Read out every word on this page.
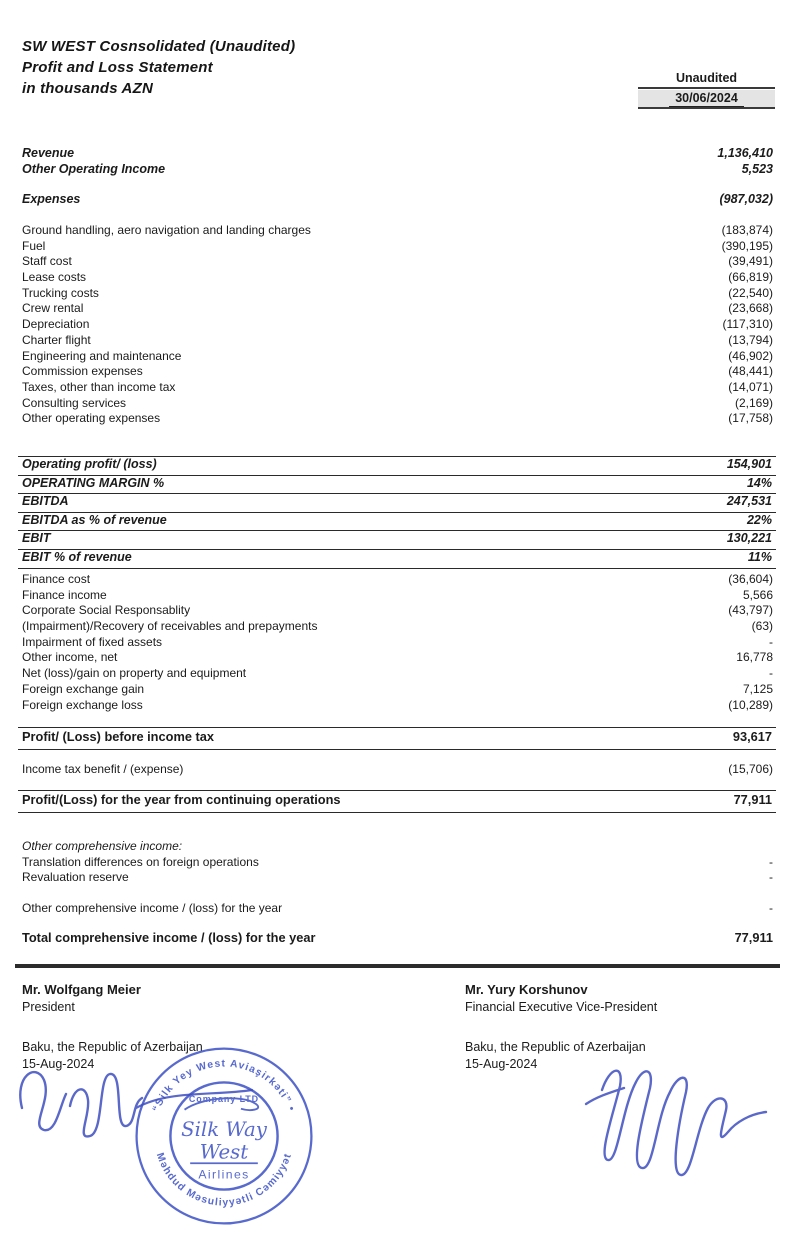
SW WEST Cosnsolidated (Unaudited)
Profit and Loss Statement
in thousands AZN
Unaudited
30/06/2024
Revenue	1,136,410
Other Operating Income	5,523
Expenses	(987,032)
Ground handling, aero navigation and landing charges	(183,874)
Fuel	(390,195)
Staff cost	(39,491)
Lease costs	(66,819)
Trucking costs	(22,540)
Crew rental	(23,668)
Depreciation	(117,310)
Charter flight	(13,794)
Engineering and maintenance	(46,902)
Commission expenses	(48,441)
Taxes, other than income tax	(14,071)
Consulting services	(2,169)
Other operating expenses	(17,758)
Operating profit/ (loss)	154,901
OPERATING MARGIN %	14%
EBITDA	247,531
EBITDA as % of revenue	22%
EBIT	130,221
EBIT % of revenue	11%
Finance cost	(36,604)
Finance income	5,566
Corporate Social Responsablity	(43,797)
(Impairment)/Recovery of receivables and prepayments	(63)
Impairment of fixed assets	-
Other income, net	16,778
Net (loss)/gain on property and equipment	-
Foreign exchange gain	7,125
Foreign exchange loss	(10,289)
Profit/ (Loss) before income tax	93,617
Income tax benefit / (expense)	(15,706)
Profit/(Loss) for the year from continuing operations	77,911
Other comprehensive income:
Translation differences on foreign operations	-
Revaluation reserve	-
Other comprehensive income / (loss) for the year	-
Total comprehensive income / (loss) for the year	77,911
Mr. Wolfgang Meier
President
Baku, the Republic of Azerbaijan
15-Aug-2024
Mr. Yury Korshunov
Financial Executive Vice-President
Baku, the Republic of Azerbaijan
15-Aug-2024
“Silk Yey West Aviaşirkəti” •
Məhdud Məsuliyyətli Cəmiyyət
Company LTD
Silk Way
West
Airlines
